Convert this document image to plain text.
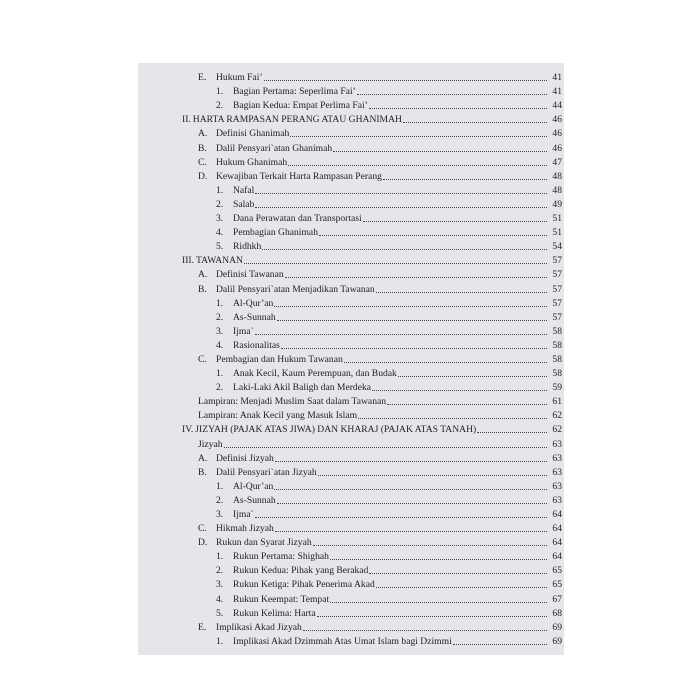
E.	Hukum Fai’	41
1.	Bagian Pertama: Seperlima Fai’	41
2.	Bagian Kedua: Empat Perlima Fai’	44
II. HARTA RAMPASAN PERANG ATAU GHANIMAH	46
A. Definisi Ghanimah	46
B. Dalil Pensyari`atan Ghanimah	46
C. Hukum Ghanimah	47
D. Kewajiban Terkait Harta Rampasan Perang	48
1.	Nafal	48
2.	Salab	49
3.	Dana Perawatan dan Transportasi	51
4.	Pembagian Ghanimah	51
5.	Ridhkh	54
III. TAWANAN	57
A. Definisi Tawanan	57
B. Dalil Pensyari`atan Menjadikan Tawanan	57
1.	Al-Qur’an	57
2.	As-Sunnah	57
3.	Ijma`	58
4.	Rasionalitas	58
C. Pembagian dan Hukum Tawanan	58
1.	Anak Kecil, Kaum Perempuan, dan Budak	58
2.	Laki-Laki Akil Baligh dan Merdeka	59
Lampiran: Menjadi Muslim Saat dalam Tawanan	61
Lampiran: Anak Kecil yang Masuk Islam	62
IV. JIZYAH (PAJAK ATAS JIWA) DAN KHARAJ (PAJAK ATAS TANAH)	62
Jizyah	63
A. Definisi Jizyah	63
B. Dalil Pensyari`atan Jizyah	63
1.	Al-Qur’an	63
2.	As-Sunnah	63
3.	Ijma`	64
C. Hikmah Jizyah	64
D. Rukun dan Syarat Jizyah	64
1.	Rukun Pertama: Shighah	64
2.	Rukun Kedua: Pihak yang Berakad	65
3.	Rukun Ketiga: Pihak Penerima Akad	65
4.	Rukun Keempat: Tempat	67
5.	Rukun Kelima: Harta	68
E.	Implikasi Akad Jizyah	69
1.	Implikasi Akad Dzimmah Atas Umat Islam bagi Dzimmi	69
